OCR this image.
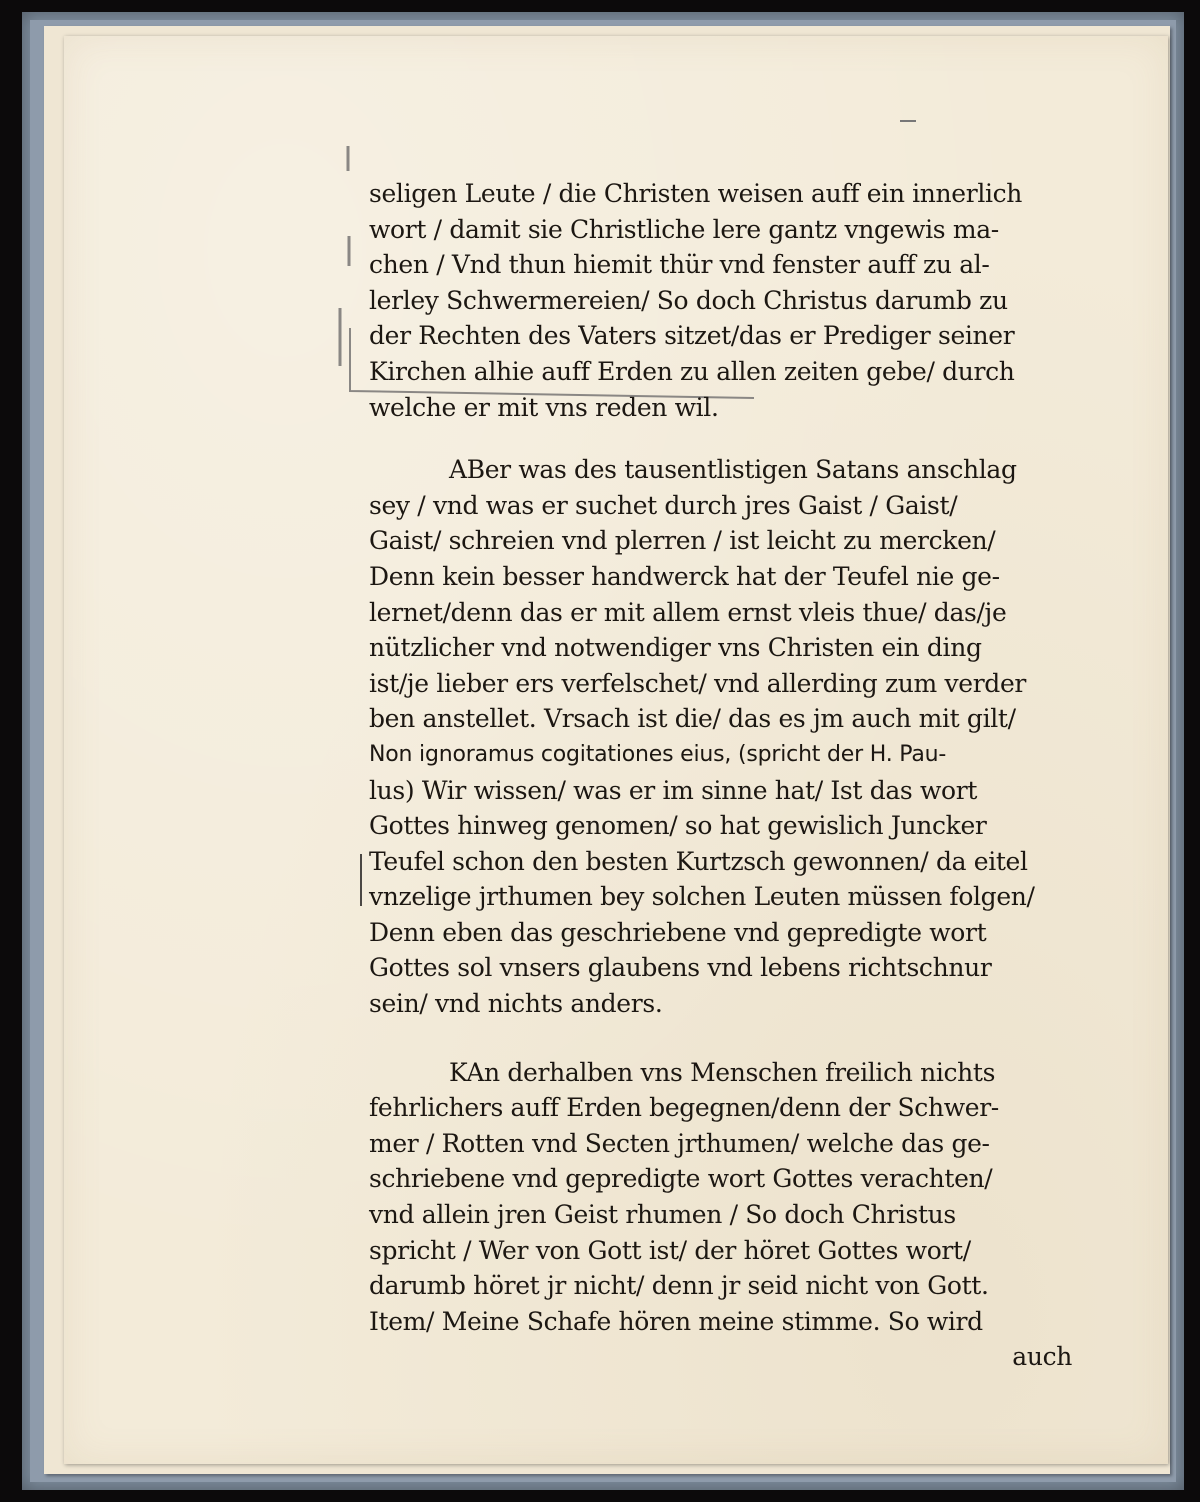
seligen Leute / die Christen weisen auff ein innerlich
wort / damit sie Christliche lere gantz vngewis ma-
chen / Vnd thun hiemit thür vnd fenster auff zu al-
lerley Schwermereien/ So doch Christus darumb zu
der Rechten des Vaters sitzet/das er Prediger seiner
Kirchen alhie auff Erden zu allen zeiten gebe/ durch
welche er mit vns reden wil.
ABer was des tausentlistigen Satans anschlag
sey / vnd was er suchet durch jres Gaist / Gaist/
Gaist/ schreien vnd plerren / ist leicht zu mercken/
Denn kein besser handwerck hat der Teufel nie ge-
lernet/denn das er mit allem ernst vleis thue/ das/je
nützlicher vnd notwendiger vns Christen ein ding
ist/je lieber ers verfelschet/ vnd allerding zum verder
ben anstellet. Vrsach ist die/ das es jm auch mit gilt/
Non ignoramus cogitationes eius, (spricht der H. Pau-
lus) Wir wissen/ was er im sinne hat/ Ist das wort
Gottes hinweg genomen/ so hat gewislich Juncker
Teufel schon den besten Kurtzsch gewonnen/ da eitel
vnzelige jrthumen bey solchen Leuten müssen folgen/
Denn eben das geschriebene vnd gepredigte wort
Gottes sol vnsers glaubens vnd lebens richtschnur
sein/ vnd nichts anders.
KAn derhalben vns Menschen freilich nichts
fehrlichers auff Erden begegnen/denn der Schwer-
mer / Rotten vnd Secten jrthumen/ welche das ge-
schriebene vnd gepredigte wort Gottes verachten/
vnd allein jren Geist rhumen / So doch Christus
spricht / Wer von Gott ist/ der höret Gottes wort/
darumb höret jr nicht/ denn jr seid nicht von Gott.
Item/ Meine Schafe hören meine stimme. So wird
auch
